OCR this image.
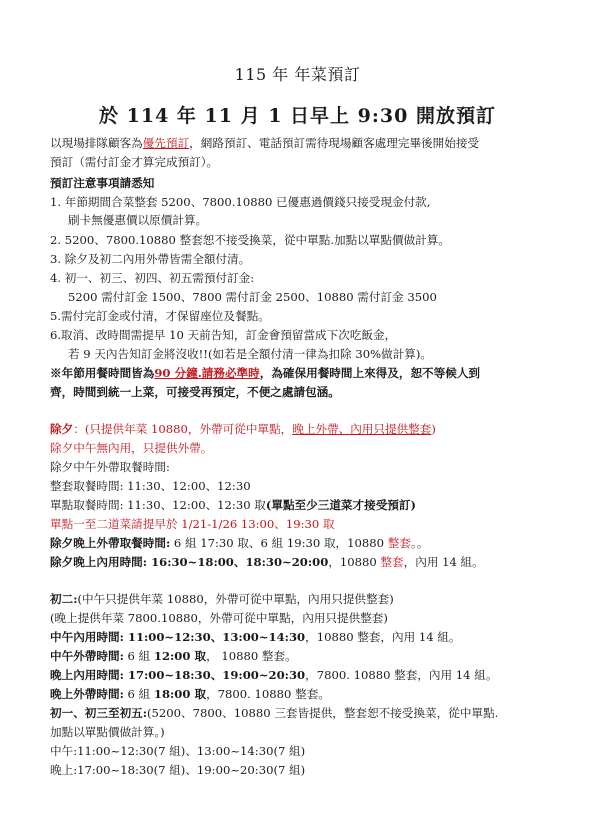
115 年 年菜預訂
於 114 年 11 月 1 日早上 9:30 開放預訂
以現場排隊顧客為優先預訂，網路預訂、電話預訂需待現場顧客處理完畢後開始接受
預訂（需付訂金才算完成預訂）。
預訂注意事項請悉知
1. 年節期間合菜整套 5200、7800.10880 已優惠過價錢只接受現金付款,
刷卡無優惠價以原價計算。
2. 5200、7800.10880 整套恕不接受換菜，從中單點.加點以單點價做計算。
3. 除夕及初二內用外帶皆需全額付清。
4. 初一、初三、初四、初五需預付訂金:
5200 需付訂金 1500、7800 需付訂金 2500、10880 需付訂金 3500
5.需付完訂金或付清，才保留座位及餐點。
6.取消、改時間需提早 10 天前告知，訂金會預留當成下次吃飯金，
若 9 天內告知訂金將沒收!!(如若是全額付清一律為扣除 30%做計算)。
※年節用餐時間皆為90 分鐘.請務必準時，為確保用餐時間上來得及，恕不等候人到
齊，時間到統一上菜，可接受再預定，不便之處請包涵。
除夕：(只提供年菜 10880，外帶可從中單點，晚上外帶、內用只提供整套)
除夕中午無內用，只提供外帶。
除夕中午外帶取餐時間:
整套取餐時間: 11:30、12:00、12:30
單點取餐時間: 11:30、12:00、12:30 取(單點至少三道菜才接受預訂)
單點一至二道菜請提早於 1/21-1/26 13:00、19:30 取
除夕晚上外帶取餐時間: 6 組 17:30 取、6 組 19:30 取，10880 整套。。
除夕晚上內用時間: 16:30~18:00、18:30~20:00，10880 整套，內用 14 組。
初二:(中午只提供年菜 10880，外帶可從中單點，內用只提供整套)
(晚上提供年菜 7800.10880，外帶可從中單點，內用只提供整套)
中午內用時間: 11:00~12:30、13:00~14:30，10880 整套，內用 14 組。
中午外帶時間: 6 組 12:00 取， 10880 整套。
晚上內用時間: 17:00~18:30、19:00~20:30，7800. 10880 整套，內用 14 組。
晚上外帶時間: 6 組 18:00 取，7800. 10880 整套。
初一、初三至初五:(5200、7800、10880 三套皆提供，整套恕不接受換菜，從中單點.
加點以單點價做計算。)
中午:11:00~12:30(7 組)、13:00~14:30(7 組)
晚上:17:00~18:30(7 組)、19:00~20:30(7 組)
